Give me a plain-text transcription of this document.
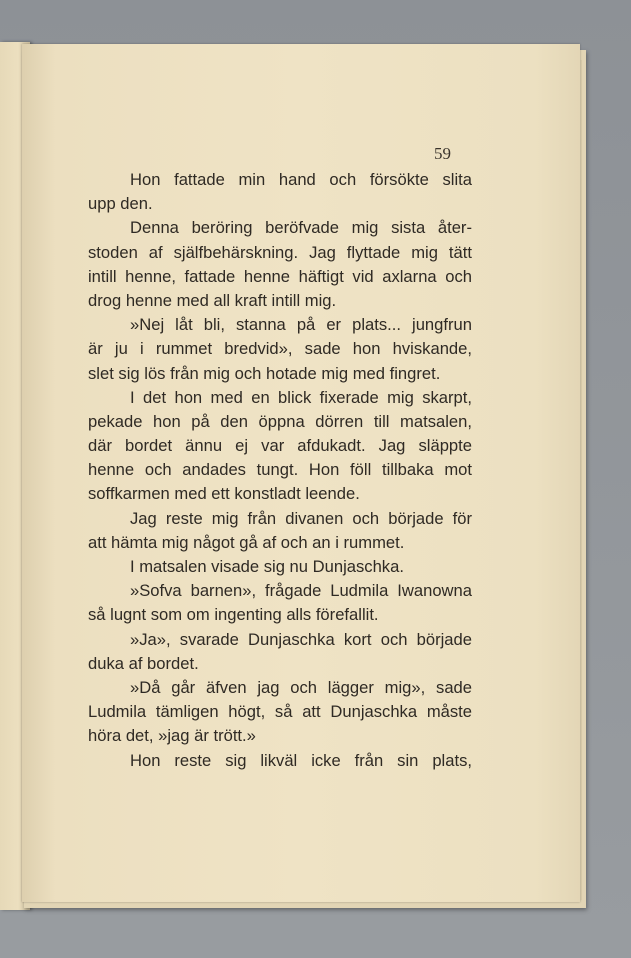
59
Hon fattade min hand och försökte slita
upp den.
Denna beröring beröfvade mig sista åter-
stoden af själfbehärskning. Jag flyttade mig tätt
intill henne, fattade henne häftigt vid axlarna och
drog henne med all kraft intill mig.
»Nej låt bli, stanna på er plats... jungfrun
är ju i rummet bredvid», sade hon hviskande,
slet sig lös från mig och hotade mig med fingret.
I det hon med en blick fixerade mig skarpt,
pekade hon på den öppna dörren till matsalen,
där bordet ännu ej var afdukadt. Jag släppte
henne och andades tungt. Hon föll tillbaka mot
soffkarmen med ett konstladt leende.
Jag reste mig från divanen och började för
att hämta mig något gå af och an i rummet.
I matsalen visade sig nu Dunjaschka.
»Sofva barnen», frågade Ludmila Iwanowna
så lugnt som om ingenting alls förefallit.
»Ja», svarade Dunjaschka kort och började
duka af bordet.
»Då går äfven jag och lägger mig», sade
Ludmila tämligen högt, så att Dunjaschka måste
höra det, »jag är trött.»
Hon reste sig likväl icke från sin plats,
